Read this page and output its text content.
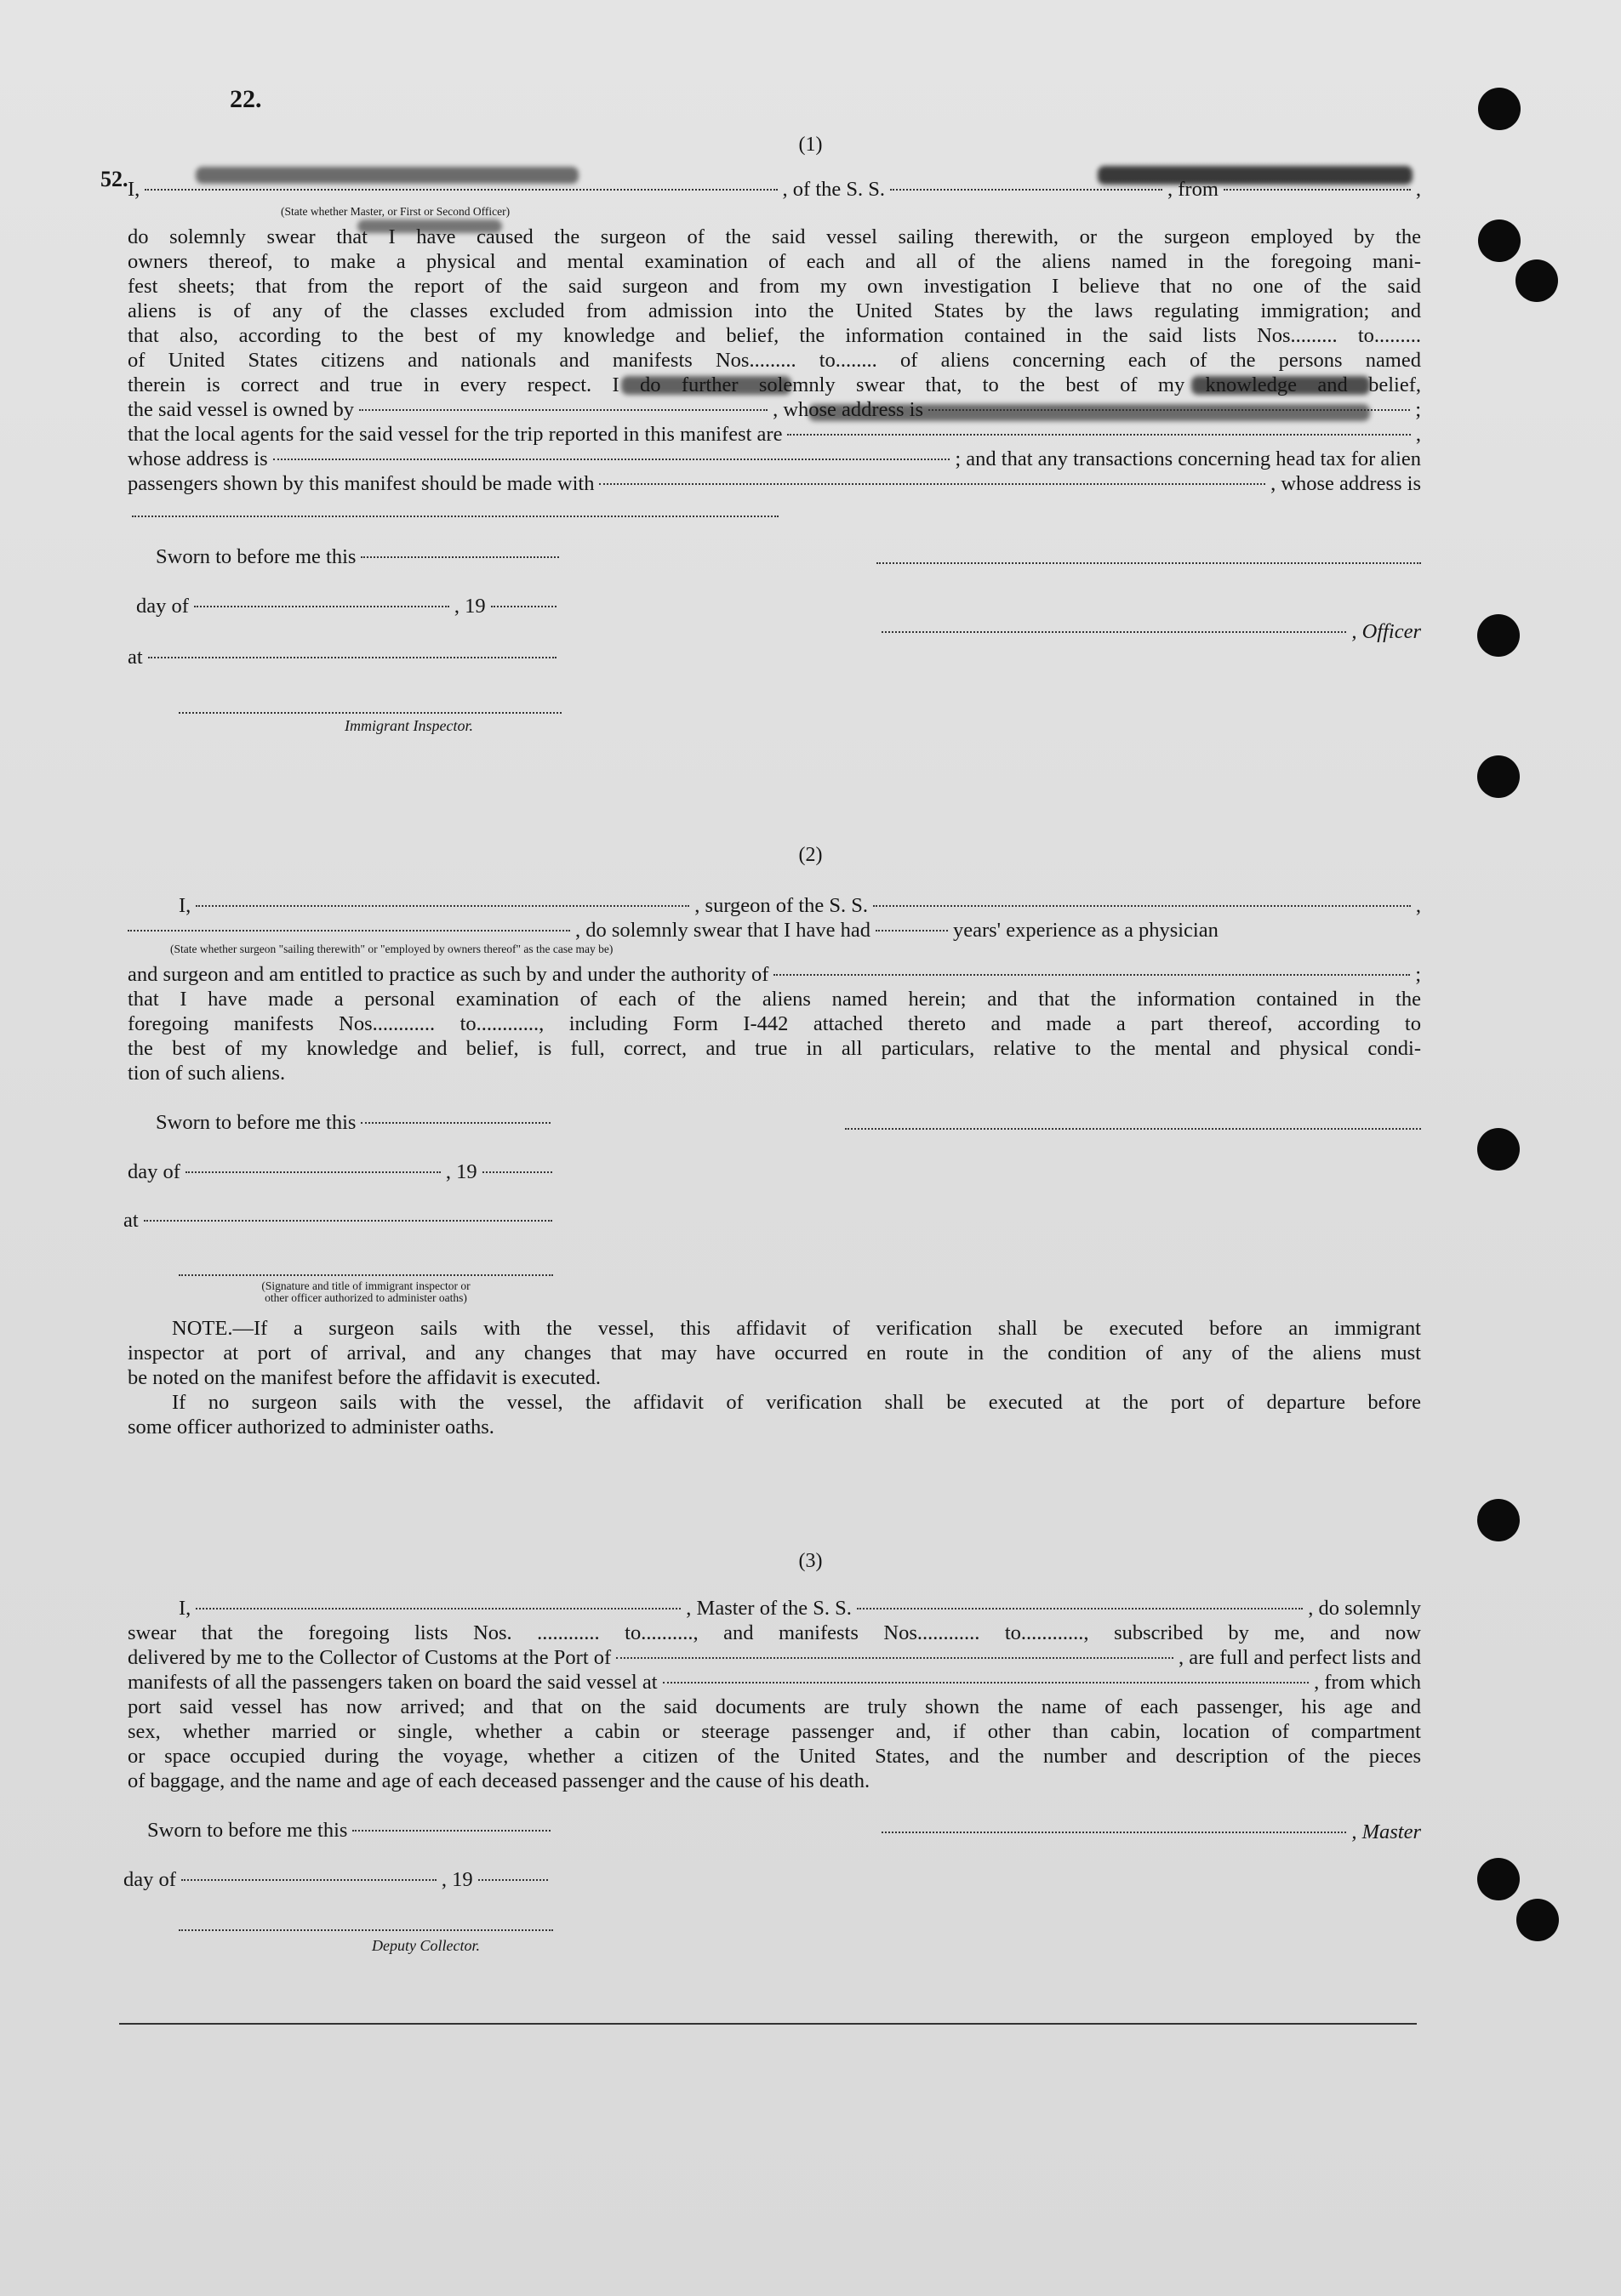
22.
52.
(1)
I,	, of the S. S.	, from	,
(State whether Master, or First or Second Officer)
do solemnly swear that I have caused the surgeon of the said vessel sailing therewith, or the surgeon employed by the
owners thereof, to make a physical and mental examination of each and all of the aliens named in the foregoing mani-
fest sheets; that from the report of the said surgeon and from my own investigation I believe that no one of the said
aliens is of any of the classes excluded from admission into the United States by the laws regulating immigration; and
that also, according to the best of my knowledge and belief, the information contained in the said lists Nos......... to.........
of United States citizens and nationals and manifests Nos......... to........ of aliens concerning each of the persons named
therein is correct and true in every respect. I do further solemnly swear that, to the best of my knowledge and belief,
the said vessel is owned by	, whose address is	;
that the local agents for the said vessel for the trip reported in this manifest are	,
whose address is	; and that any transactions concerning head tax for alien
passengers shown by this manifest should be made with	, whose address is
Sworn to before me this
day of	, 19
, Officer
at
Immigrant Inspector.
(2)
I,	, surgeon of the S. S.	,
, do solemnly swear that I have had	years' experience as a physician
(State whether surgeon "sailing therewith" or "employed by owners thereof" as the case may be)
and surgeon and am entitled to practice as such by and under the authority of	;
that I have made a personal examination of each of the aliens named herein; and that the information contained in the
foregoing manifests Nos............ to............, including Form I-442 attached thereto and made a part thereof, according to
the best of my knowledge and belief, is full, correct, and true in all particulars, relative to the mental and physical condi-
tion of such aliens.
Sworn to before me this
day of	, 19
at
(Signature and title of immigrant inspector or
other officer authorized to administer oaths)
NOTE.—If a surgeon sails with the vessel, this affidavit of verification shall be executed before an immigrant
inspector at port of arrival, and any changes that may have occurred en route in the condition of any of the aliens must
be noted on the manifest before the affidavit is executed.
If no surgeon sails with the vessel, the affidavit of verification shall be executed at the port of departure before
some officer authorized to administer oaths.
(3)
I,	, Master of the S. S.	, do solemnly
swear that the foregoing lists Nos. ............ to.........., and manifests Nos............ to............, subscribed by me, and now
delivered by me to the Collector of Customs at the Port of	, are full and perfect lists and
manifests of all the passengers taken on board the said vessel at	, from which
port said vessel has now arrived; and that on the said documents are truly shown the name of each passenger, his age and
sex, whether married or single, whether a cabin or steerage passenger and, if other than cabin, location of compartment
or space occupied during the voyage, whether a citizen of the United States, and the number and description of the pieces
of baggage, and the name and age of each deceased passenger and the cause of his death.
Sworn to before me this	, Master
day of	, 19
Deputy Collector.
